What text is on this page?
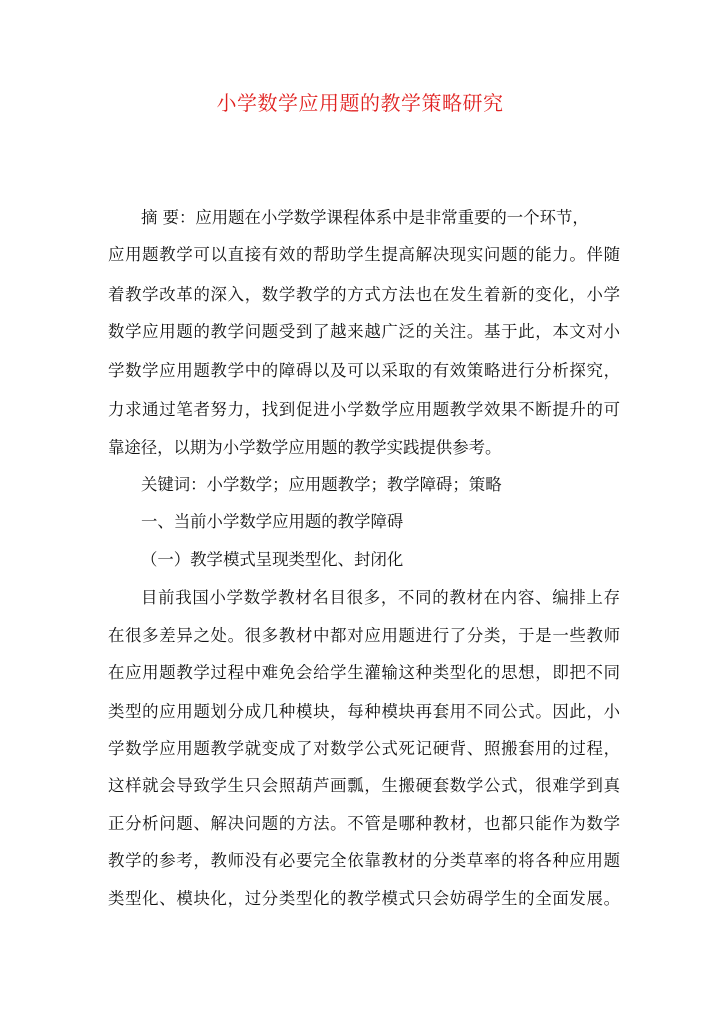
小学数学应用题的教学策略研究
摘 要：应用题在小学数学课程体系中是非常重要的一个环节，
应用题教学可以直接有效的帮助学生提高解决现实问题的能力。伴随
着教学改革的深入，数学教学的方式方法也在发生着新的变化，小学
数学应用题的教学问题受到了越来越广泛的关注。基于此，本文对小
学数学应用题教学中的障碍以及可以采取的有效策略进行分析探究，
力求通过笔者努力，找到促进小学数学应用题教学效果不断提升的可
靠途径，以期为小学数学应用题的教学实践提供参考。
关键词：小学数学；应用题教学；教学障碍；策略
一、当前小学数学应用题的教学障碍
（一）教学模式呈现类型化、封闭化
目前我国小学数学教材名目很多，不同的教材在内容、编排上存
在很多差异之处。很多教材中都对应用题进行了分类，于是一些教师
在应用题教学过程中难免会给学生灌输这种类型化的思想，即把不同
类型的应用题划分成几种模块，每种模块再套用不同公式。因此，小
学数学应用题教学就变成了对数学公式死记硬背、照搬套用的过程，
这样就会导致学生只会照葫芦画瓢，生搬硬套数学公式，很难学到真
正分析问题、解决问题的方法。不管是哪种教材，也都只能作为数学
教学的参考，教师没有必要完全依靠教材的分类草率的将各种应用题
类型化、模块化，过分类型化的教学模式只会妨碍学生的全面发展。
